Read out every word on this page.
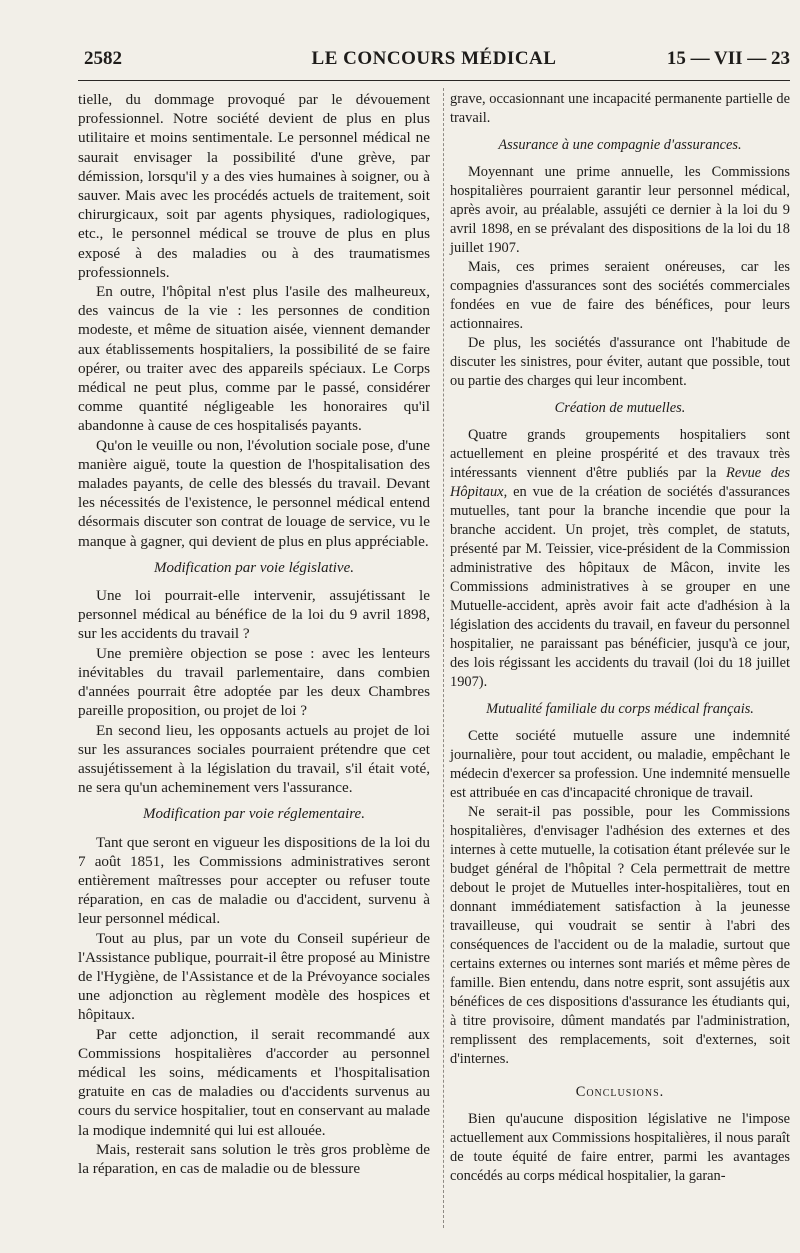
2582	LE CONCOURS MÉDICAL	15 — VII — 23

tielle, du dommage provoqué par le dévouement professionnel. Notre société devient de plus en plus utilitaire et moins sentimentale. Le personnel médical ne saurait envisager la possibilité d'une grève, par démission, lorsqu'il y a des vies humaines à soigner, ou à sauver. Mais avec les procédés actuels de traitement, soit chirurgicaux, soit par agents physiques, radiologiques, etc., le personnel médical se trouve de plus en plus exposé à des maladies ou à des traumatismes professionnels.

En outre, l'hôpital n'est plus l'asile des malheureux, des vaincus de la vie : les personnes de condition modeste, et même de situation aisée, viennent demander aux établissements hospitaliers, la possibilité de se faire opérer, ou traiter avec des appareils spéciaux. Le Corps médical ne peut plus, comme par le passé, considérer comme quantité négligeable les honoraires qu'il abandonne à cause de ces hospitalisés payants.

Qu'on le veuille ou non, l'évolution sociale pose, d'une manière aiguë, toute la question de l'hospitalisation des malades payants, de celle des blessés du travail. Devant les nécessités de l'existence, le personnel médical entend désormais discuter son contrat de louage de service, vu le manque à gagner, qui devient de plus en plus appréciable.

Modification par voie législative.

Une loi pourrait-elle intervenir, assujétissant le personnel médical au bénéfice de la loi du 9 avril 1898, sur les accidents du travail ?

Une première objection se pose : avec les lenteurs inévitables du travail parlementaire, dans combien d'années pourrait être adoptée par les deux Chambres pareille proposition, ou projet de loi ?

En second lieu, les opposants actuels au projet de loi sur les assurances sociales pourraient prétendre que cet assujétissement à la législation du travail, s'il était voté, ne sera qu'un acheminement vers l'assurance.

Modification par voie réglementaire.

Tant que seront en vigueur les dispositions de la loi du 7 août 1851, les Commissions administratives seront entièrement maîtresses pour accepter ou refuser toute réparation, en cas de maladie ou d'accident, survenu à leur personnel médical.

Tout au plus, par un vote du Conseil supérieur de l'Assistance publique, pourrait-il être proposé au Ministre de l'Hygiène, de l'Assistance et de la Prévoyance sociales une adjonction au règlement modèle des hospices et hôpitaux.

Par cette adjonction, il serait recommandé aux Commissions hospitalières d'accorder au personnel médical les soins, médicaments et l'hospitalisation gratuite en cas de maladies ou d'accidents survenus au cours du service hospitalier, tout en conservant au malade la modique indemnité qui lui est allouée.

Mais, resterait sans solution le très gros problème de la réparation, en cas de maladie ou de blessure

grave, occasionnant une incapacité permanente partielle de travail.

Assurance à une compagnie d'assurances.

Moyennant une prime annuelle, les Commissions hospitalières pourraient garantir leur personnel médical, après avoir, au préalable, assujéti ce dernier à la loi du 9 avril 1898, en se prévalant des dispositions de la loi du 18 juillet 1907.

Mais, ces primes seraient onéreuses, car les compagnies d'assurances sont des sociétés commerciales fondées en vue de faire des bénéfices, pour leurs actionnaires.

De plus, les sociétés d'assurance ont l'habitude de discuter les sinistres, pour éviter, autant que possible, tout ou partie des charges qui leur incombent.

Création de mutuelles.

Quatre grands groupements hospitaliers sont actuellement en pleine prospérité et des travaux très intéressants viennent d'être publiés par la Revue des Hôpitaux, en vue de la création de sociétés d'assurances mutuelles, tant pour la branche incendie que pour la branche accident. Un projet, très complet, de statuts, présenté par M. Teissier, vice-président de la Commission administrative des hôpitaux de Mâcon, invite les Commissions administratives à se grouper en une Mutuelle-accident, après avoir fait acte d'adhésion à la législation des accidents du travail, en faveur du personnel hospitalier, ne paraissant pas bénéficier, jusqu'à ce jour, des lois régissant les accidents du travail (loi du 18 juillet 1907).

Mutualité familiale du corps médical français.

Cette société mutuelle assure une indemnité journalière, pour tout accident, ou maladie, empêchant le médecin d'exercer sa profession. Une indemnité mensuelle est attribuée en cas d'incapacité chronique de travail.

Ne serait-il pas possible, pour les Commissions hospitalières, d'envisager l'adhésion des externes et des internes à cette mutuelle, la cotisation étant prélevée sur le budget général de l'hôpital ? Cela permettrait de mettre debout le projet de Mutuelles inter-hospitalières, tout en donnant immédiatement satisfaction à la jeunesse travailleuse, qui voudrait se sentir à l'abri des conséquences de l'accident ou de la maladie, surtout que certains externes ou internes sont mariés et même pères de famille. Bien entendu, dans notre esprit, sont assujétis aux bénéfices de ces dispositions d'assurance les étudiants qui, à titre provisoire, dûment mandatés par l'administration, remplissent des remplacements, soit d'externes, soit d'internes.

Conclusions.

Bien qu'aucune disposition législative ne l'impose actuellement aux Commissions hospitalières, il nous paraît de toute équité de faire entrer, parmi les avantages concédés au corps médical hospitalier, la garan-
